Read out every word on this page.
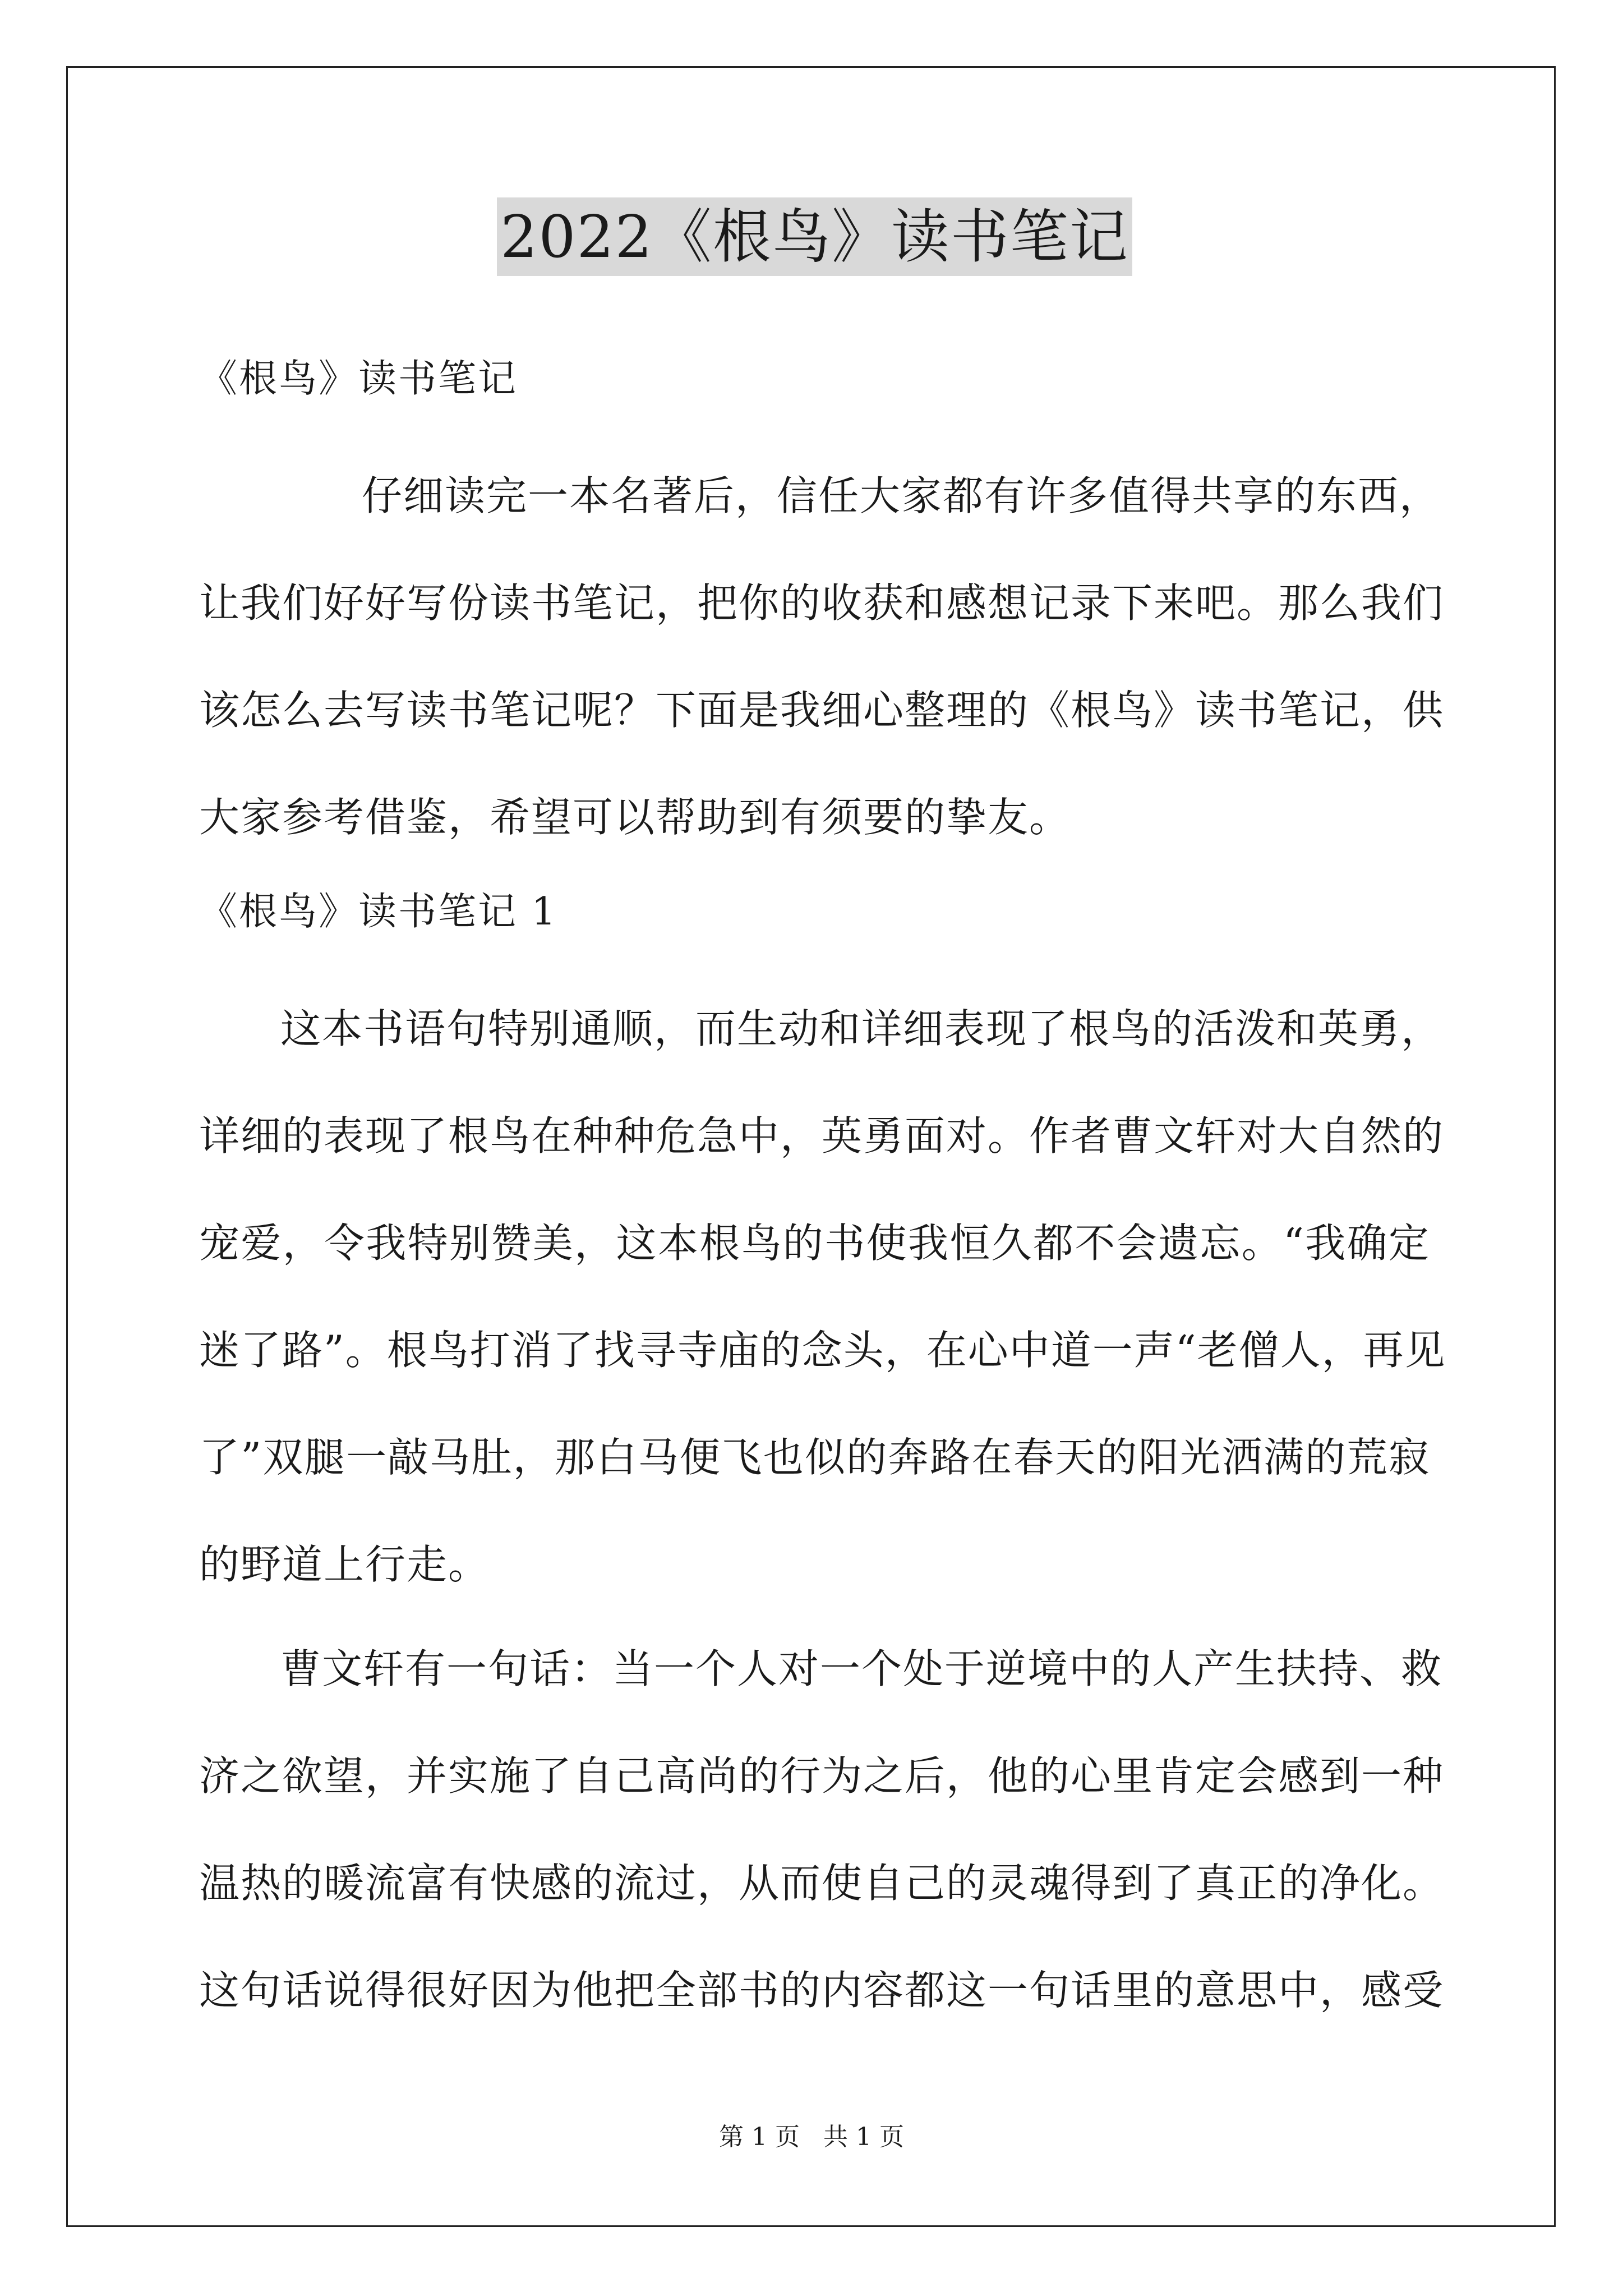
2022《根鸟》读书笔记
《根鸟》读书笔记
仔细读完一本名著后，信任大家都有许多值得共享的东西，
让我们好好写份读书笔记，把你的收获和感想记录下来吧。那么我们
该怎么去写读书笔记呢？下面是我细心整理的《根鸟》读书笔记，供
大家参考借鉴，希望可以帮助到有须要的挚友。
《根鸟》读书笔记 1
这本书语句特别通顺，而生动和详细表现了根鸟的活泼和英勇，
详细的表现了根鸟在种种危急中，英勇面对。作者曹文轩对大自然的
宠爱，令我特别赞美，这本根鸟的书使我恒久都不会遗忘。“我确定
迷了路”。根鸟打消了找寻寺庙的念头，在心中道一声“老僧人，再见
了”双腿一敲马肚，那白马便飞也似的奔路在春天的阳光洒满的荒寂
的野道上行走。
曹文轩有一句话：当一个人对一个处于逆境中的人产生扶持、救
济之欲望，并实施了自己高尚的行为之后，他的心里肯定会感到一种
温热的暖流富有快感的流过，从而使自己的灵魂得到了真正的净化。
这句话说得很好因为他把全部书的内容都这一句话里的意思中，感受
第 1 页   共 1 页
